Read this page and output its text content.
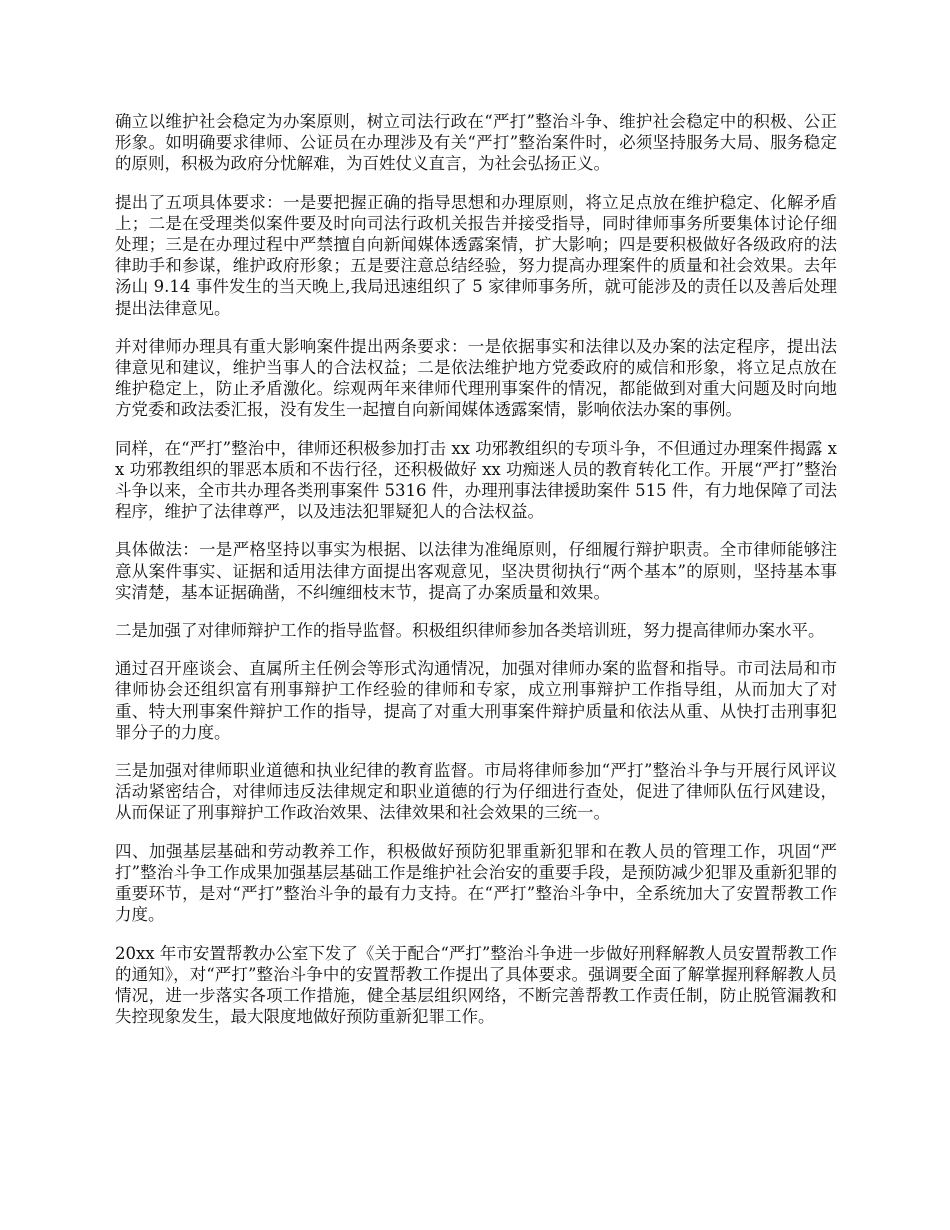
确立以维护社会稳定为办案原则，树立司法行政在“严打”整治斗争、维护社会稳定中的积极、公正形象。如明确要求律师、公证员在办理涉及有关“严打”整治案件时，必须坚持服务大局、服务稳定的原则，积极为政府分忧解难，为百姓仗义直言，为社会弘扬正义。

提出了五项具体要求：一是要把握正确的指导思想和办理原则，将立足点放在维护稳定、化解矛盾上；二是在受理类似案件要及时向司法行政机关报告并接受指导，同时律师事务所要集体讨论仔细处理；三是在办理过程中严禁擅自向新闻媒体透露案情，扩大影响；四是要积极做好各级政府的法律助手和参谋，维护政府形象；五是要注意总结经验，努力提高办理案件的质量和社会效果。去年汤山 9.14 事件发生的当天晚上,我局迅速组织了 5 家律师事务所，就可能涉及的责任以及善后处理提出法律意见。

并对律师办理具有重大影响案件提出两条要求：一是依据事实和法律以及办案的法定程序，提出法律意见和建议，维护当事人的合法权益；二是依法维护地方党委政府的威信和形象，将立足点放在维护稳定上，防止矛盾激化。综观两年来律师代理刑事案件的情况，都能做到对重大问题及时向地方党委和政法委汇报，没有发生一起擅自向新闻媒体透露案情，影响依法办案的事例。

同样，在“严打”整治中，律师还积极参加打击 xx 功邪教组织的专项斗争，不但通过办理案件揭露 xx 功邪教组织的罪恶本质和不齿行径，还积极做好 xx 功痴迷人员的教育转化工作。开展“严打”整治斗争以来，全市共办理各类刑事案件 5316 件，办理刑事法律援助案件 515 件，有力地保障了司法程序，维护了法律尊严，以及违法犯罪疑犯人的合法权益。

具体做法：一是严格坚持以事实为根据、以法律为准绳原则，仔细履行辩护职责。全市律师能够注意从案件事实、证据和适用法律方面提出客观意见，坚决贯彻执行“两个基本”的原则，坚持基本事实清楚，基本证据确凿，不纠缠细枝末节，提高了办案质量和效果。

二是加强了对律师辩护工作的指导监督。积极组织律师参加各类培训班，努力提高律师办案水平。

通过召开座谈会、直属所主任例会等形式沟通情况，加强对律师办案的监督和指导。市司法局和市律师协会还组织富有刑事辩护工作经验的律师和专家，成立刑事辩护工作指导组，从而加大了对重、特大刑事案件辩护工作的指导，提高了对重大刑事案件辩护质量和依法从重、从快打击刑事犯罪分子的力度。

三是加强对律师职业道德和执业纪律的教育监督。市局将律师参加“严打”整治斗争与开展行风评议活动紧密结合，对律师违反法律规定和职业道德的行为仔细进行查处，促进了律师队伍行风建设，从而保证了刑事辩护工作政治效果、法律效果和社会效果的三统一。

四、加强基层基础和劳动教养工作，积极做好预防犯罪重新犯罪和在教人员的管理工作，巩固“严打”整治斗争工作成果加强基层基础工作是维护社会治安的重要手段，是预防减少犯罪及重新犯罪的重要环节，是对“严打”整治斗争的最有力支持。在“严打”整治斗争中，全系统加大了安置帮教工作力度。

20xx 年市安置帮教办公室下发了《关于配合“严打”整治斗争进一步做好刑释解教人员安置帮教工作的通知》，对“严打”整治斗争中的安置帮教工作提出了具体要求。强调要全面了解掌握刑释解教人员情况，进一步落实各项工作措施，健全基层组织网络，不断完善帮教工作责任制，防止脱管漏教和失控现象发生，最大限度地做好预防重新犯罪工作。
